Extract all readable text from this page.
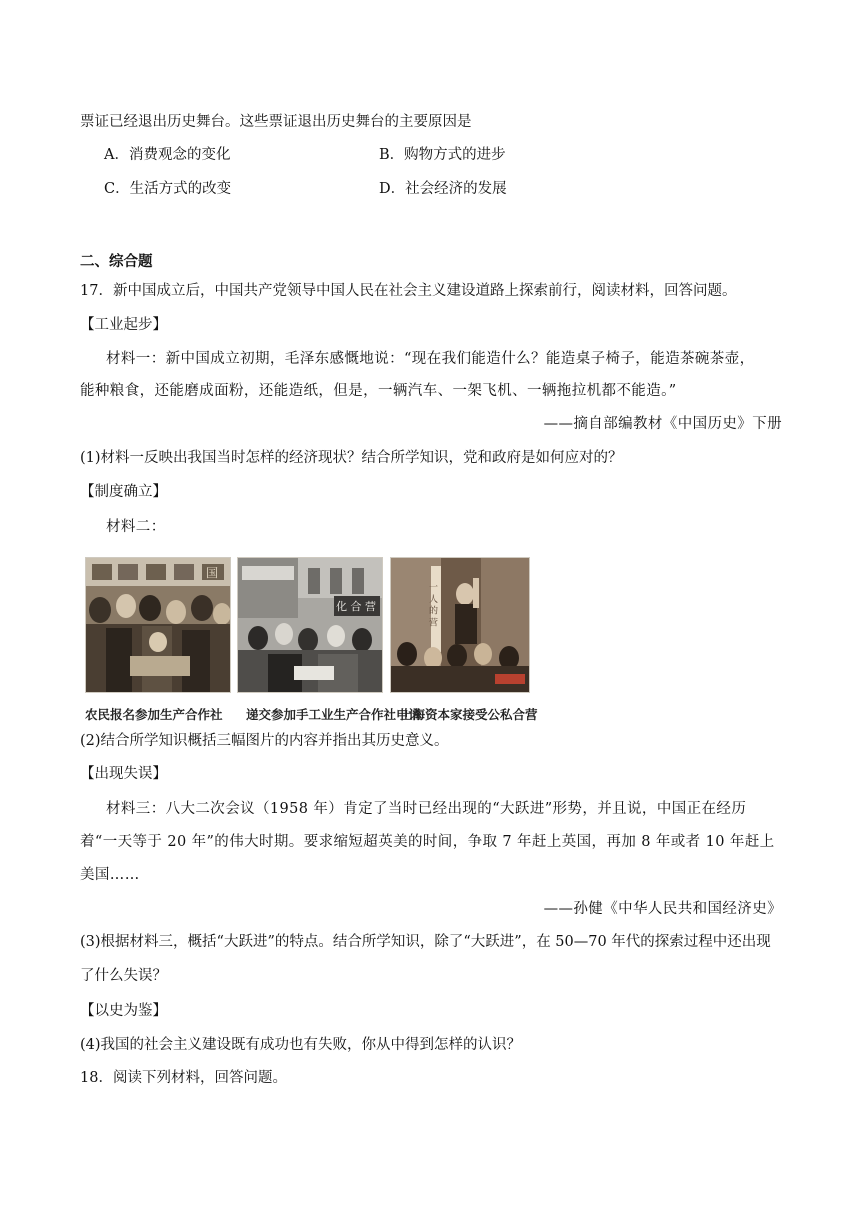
票证已经退出历史舞台。这些票证退出历史舞台的主要原因是
A．消费观念的变化	B．购物方式的进步
C．生活方式的改变	D．社会经济的发展
二、综合题
17．新中国成立后，中国共产党领导中国人民在社会主义建设道路上探索前行，阅读材料，回答问题。
【工业起步】
材料一：新中国成立初期，毛泽东感慨地说：“现在我们能造什么？能造桌子椅子，能造茶碗茶壶，
能种粮食，还能磨成面粉，还能造纸，但是，一辆汽车、一架飞机、一辆拖拉机都不能造。”
——摘自部编教材《中国历史》下册
(1)材料一反映出我国当时怎样的经济现状？结合所学知识，党和政府是如何应对的？
【制度确立】
材料二：
国
化 合 营	一 人 的 营
农民报名参加生产合作社 递交参加手工业生产合作社申请
上海资本家接受公私合营
(2)结合所学知识概括三幅图片的内容并指出其历史意义。
【出现失误】
材料三：八大二次会议（1958 年）肯定了当时已经出现的“大跃进”形势，并且说，中国正在经历
着“一天等于 20 年”的伟大时期。要求缩短超英美的时间，争取 7 年赶上英国，再加 8 年或者 10 年赶上
美国……
——孙健《中华人民共和国经济史》
(3)根据材料三，概括“大跃进”的特点。结合所学知识，除了“大跃进”，在 50—70 年代的探索过程中还出现
了什么失误？
【以史为鉴】
(4)我国的社会主义建设既有成功也有失败，你从中得到怎样的认识？
18．阅读下列材料，回答问题。
